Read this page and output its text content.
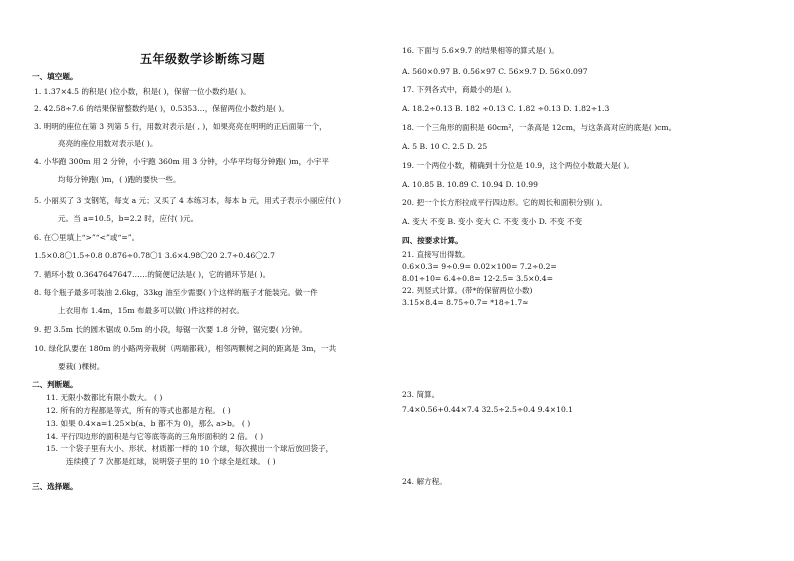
五年级数学诊断练习题
一、填空题。
1. 1.37×4.5 的积是( )位小数，积是( )，保留一位小数约是( )。
2. 42.58÷7.6 的结果保留整数约是( )，0.5353…，保留两位小数约是( )。
3. 明明的座位在第 3 列第 5 行，用数对表示是( , )，如果亮亮在明明的正后面第一个，
亮亮的座位用数对表示是( )。
4. 小华跑 300m 用 2 分钟，小宇跑 360m 用 3 分钟，小华平均每分钟跑( )m，小宇平
均每分钟跑( )m，( )跑的要快一些。
5. 小丽买了 3 支钢笔，每支 a 元；又买了 4 本练习本，每本 b 元，用式子表示小丽应付( )
元。当 a=10.5，b=2.2 时，应付( )元。
6. 在〇里填上“>”“<”或“=”。
1.5×0.8〇1.5÷0.8 0.876÷0.78〇1 3.6×4.98〇20 2.7÷0.46〇2.7
7. 循环小数 0.3647647647……的简便记法是( )，它的循环节是( )。
8. 每个瓶子最多可装油 2.6kg，33kg 油至少需要( )个这样的瓶子才能装完。做一件
上衣用布 1.4m，15m 布最多可以做( )件这样的衬衣。
9. 把 3.5m 长的圆木锯成 0.5m 的小段，每锯一次要 1.8 分钟，锯完要( )分钟。
10. 绿化队要在 180m 的小路两旁栽树（两端都栽），相邻两颗树之间的距离是 3m，一共
要栽( )棵树。
二、判断题。
11. 无限小数都比有限小数大。 ( )
12. 所有的方程都是等式，所有的等式也都是方程。 ( )
13. 如果 0.4×a=1.25×b(a、b 都不为 0)，那么 a>b。 ( )
14. 平行四边形的面积是与它等底等高的三角形面积的 2 倍。 ( )
15. 一个袋子里有大小、形状、材质都一样的 10 个球，每次摸出一个球后放回袋子，
连续摸了 7 次都是红球，说明袋子里的 10 个球全是红球。 ( )
三、选择题。
16. 下面与 5.6×9.7 的结果相等的算式是( )。
A. 560×0.97 B. 0.56×97 C. 56×9.7 D. 56×0.097
17. 下列各式中，商最小的是( )。
A. 18.2÷0.13 B. 182 ÷0.13 C. 1.82 ÷0.13 D. 1.82÷1.3
18. 一个三角形的面积是 60cm²，一条高是 12cm，与这条高对应的底是( )cm。
A. 5 B. 10 C. 2.5 D. 25
19. 一个两位小数，精确到十分位是 10.9，这个两位小数最大是( )。
A. 10.85 B. 10.89 C. 10.94 D. 10.99
20. 把一个长方形拉成平行四边形。它的周长和面积分别( )。
A. 变大 不变 B. 变小 变大 C. 不变 变小 D. 不变 不变
四、按要求计算。
21. 直接写出得数。
0.6×0.3= 9÷0.9= 0.02×100= 7.2÷0.2=
8.01÷10= 6.4÷0.8= 12-2.5= 3.5×0.4=
22. 列竖式计算。(带*的保留两位小数)
3.15×8.4= 8.75÷0.7= *18÷1.7≈
23. 简算。
7.4×0.56+0.44×7.4 32.5÷2.5÷0.4 9.4×10.1
24. 解方程。
